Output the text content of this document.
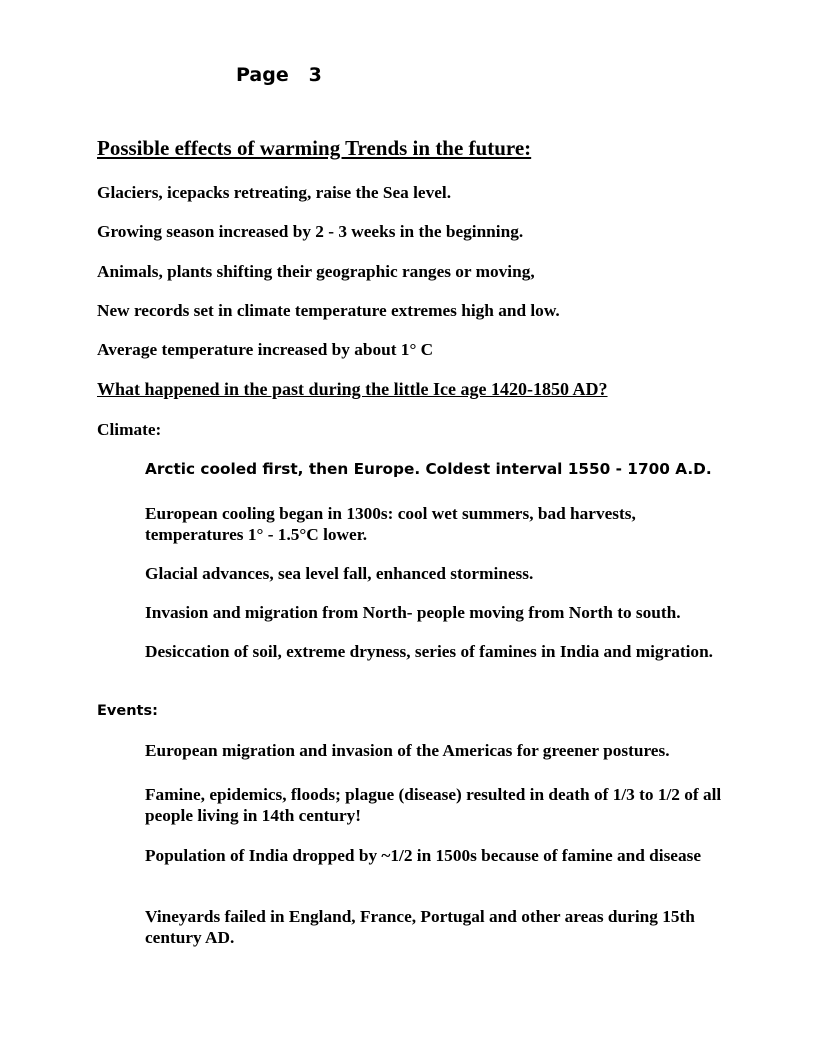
Page   3
Possible effects of warming Trends in the future:
Glaciers, icepacks retreating, raise the Sea level.
Growing season increased by 2 - 3 weeks in the beginning.
Animals, plants shifting their geographic ranges or moving,
New records set in climate temperature extremes high and low.
Average temperature increased by about 1° C
What happened in the past during the little Ice age 1420-1850 AD?
Climate:
Arctic cooled first, then Europe. Coldest interval 1550 - 1700 A.D.
European cooling began in 1300s: cool wet summers, bad harvests, temperatures 1° - 1.5°C lower.
Glacial advances, sea level fall, enhanced storminess.
Invasion and migration from North- people moving from North to south.
Desiccation of soil, extreme dryness, series of famines in India and migration.
Events:
European migration and invasion of the Americas for greener postures.
Famine, epidemics, floods; plague (disease) resulted in death of 1/3 to 1/2 of all people living in 14th century!
Population of India dropped by ~1/2 in 1500s because of famine and disease
Vineyards failed in England, France, Portugal and other areas during 15th century AD.
